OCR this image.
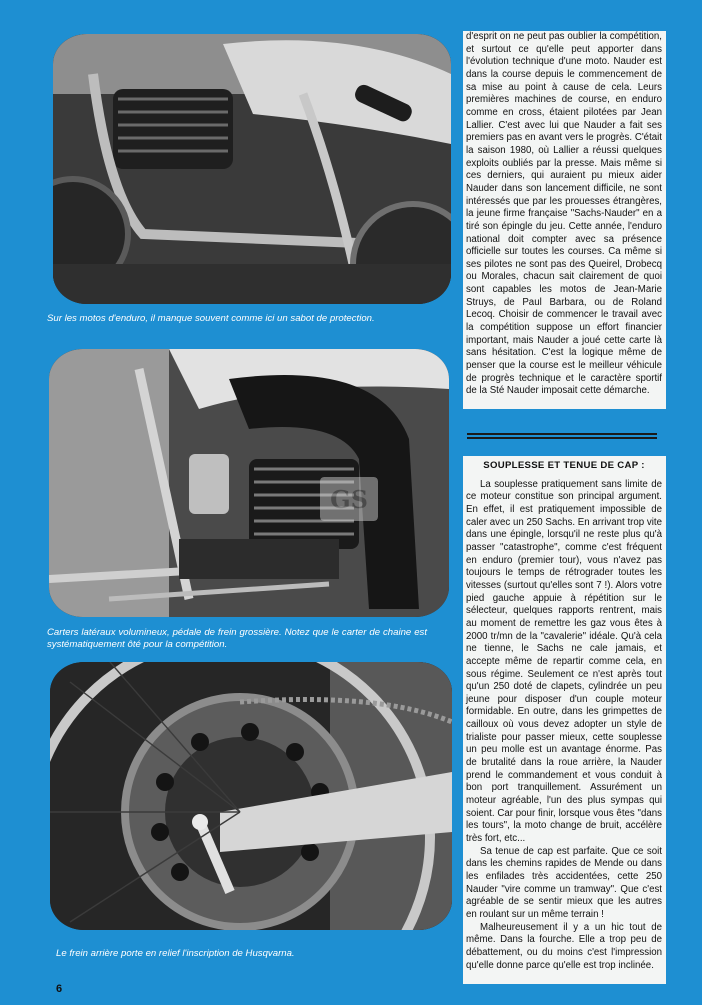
Sur les motos d'enduro, il manque souvent comme ici un sabot de protection.
Carters latéraux volumineux, pédale de frein grossière. Notez que le carter de chaine est systématiquement ôté pour la compétition.
Le frein arrière porte en relief l'inscription de Husqvarna.

d'esprit on ne peut pas oublier la compétition, et surtout ce qu'elle peut apporter dans l'évolution technique d'une moto. Nauder est dans la course depuis le commencement de sa mise au point à cause de cela. Leurs premières machines de course, en enduro comme en cross, étaient pilotées par Jean Lallier. C'est avec lui que Nauder a fait ses premiers pas en avant vers le progrès. C'était la saison 1980, où Lallier a réussi quelques exploits oubliés par la presse. Mais même si ces derniers, qui auraient pu mieux aider Nauder dans son lancement difficile, ne sont intéressés que par les prouesses étrangères, la jeune firme française "Sachs-Nauder" en a tiré son épingle du jeu. Cette année, l'enduro national doit compter avec sa présence officielle sur toutes les courses. Ca même si ses pilotes ne sont pas des Queirel, Drobecq ou Morales, chacun sait clairement de quoi sont capables les motos de Jean-Marie Struys, de Paul Barbara, ou de Roland Lecoq. Choisir de commencer le travail avec la compétition suppose un effort financier important, mais Nauder a joué cette carte là sans hésitation. C'est la logique même de penser que la course est le meilleur véhicule de progrès technique et le caractère sportif de la Sté Nauder imposait cette démarche.

SOUPLESSE ET TENUE DE CAP :

La souplesse pratiquement sans limite de ce moteur constitue son principal argument. En effet, il est pratiquement impossible de caler avec un 250 Sachs. En arrivant trop vite dans une épingle, lorsqu'il ne reste plus qu'à passer "catastrophe", comme c'est fréquent en enduro (premier tour), vous n'avez pas toujours le temps de rétrograder toutes les vitesses (surtout qu'elles sont 7 !). Alors votre pied gauche appuie à répétition sur le sélecteur, quelques rapports rentrent, mais au moment de remettre les gaz vous êtes à 2000 tr/mn de la "cavalerie" idéale. Qu'à cela ne tienne, le Sachs ne cale jamais, et accepte même de repartir comme cela, en sous régime. Seulement ce n'est après tout qu'un 250 doté de clapets, cylindrée un peu jeune pour disposer d'un couple moteur formidable. En outre, dans les grimpettes de cailloux où vous devez adopter un style de trialiste pour passer mieux, cette souplesse un peu molle est un avantage énorme. Pas de brutalité dans la roue arrière, la Nauder prend le commandement et vous conduit à bon port tranquillement. Assurément un moteur agréable, l'un des plus sympas qui soient. Car pour finir, lorsque vous êtes "dans les tours", la moto change de bruit, accélère très fort, etc...

Sa tenue de cap est parfaite. Que ce soit dans les chemins rapides de Mende ou dans les enfilades très accidentées, cette 250 Nauder "vire comme un tramway". Que c'est agréable de se sentir mieux que les autres en roulant sur un même terrain !

Malheureusement il y a un hic tout de même. Dans la fourche. Elle a trop peu de débattement, ou du moins c'est l'impression qu'elle donne parce qu'elle est trop inclinée.

GS
6
